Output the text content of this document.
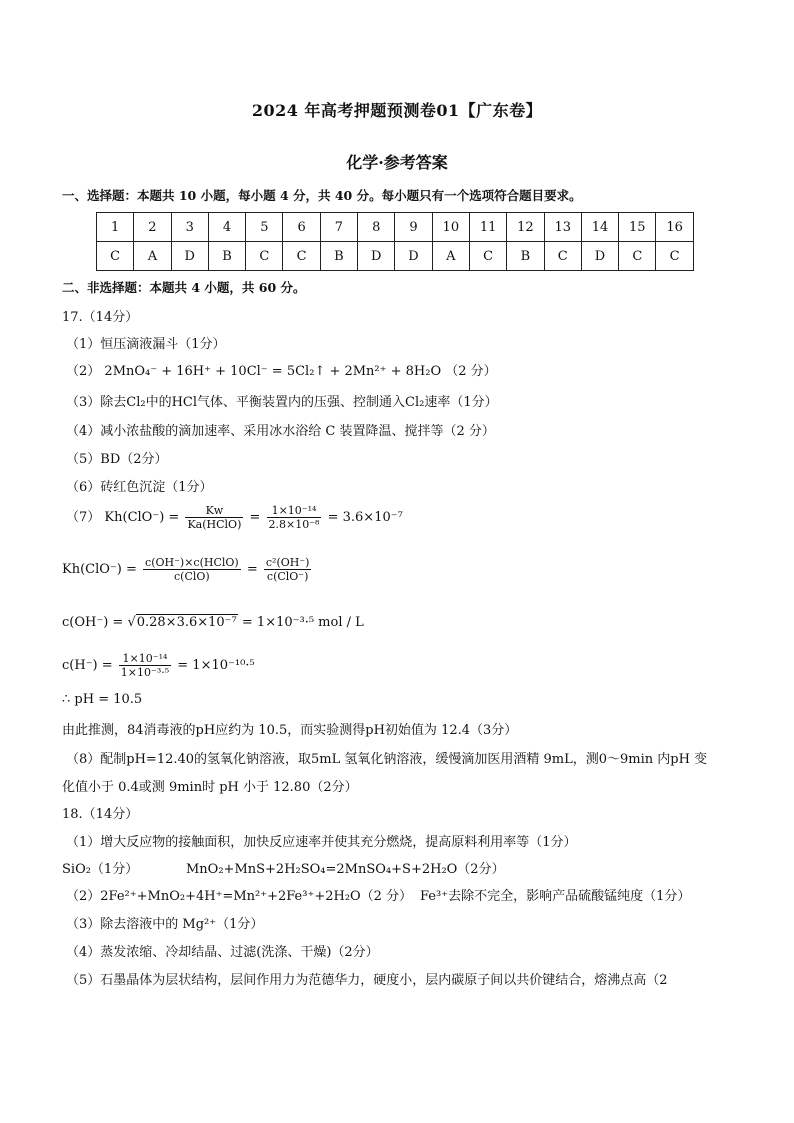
2024 年高考押题预测卷01【广东卷】
化学·参考答案
一、选择题：本题共 10 小题，每小题 4 分，共 40 分。每小题只有一个选项符合题目要求。
1	2	3	4	5	6	7	8	9	10	11	12	13	14	15	16
C	A	D	B	C	C	B	D	D	A	C	B	C	D	C	C
二、非选择题：本题共 4 小题，共 60 分。
17.（14分）
（1）恒压滴液漏斗（1分）
（2） 2MnO₄⁻ + 16H⁺ + 10Cl⁻ = 5Cl₂↑ + 2Mn²⁺ + 8H₂O （2 分）
（3）除去Cl₂中的HCl气体、平衡装置内的压强、控制通入Cl₂速率（1分）
（4）减小浓盐酸的滴加速率、采用冰水浴给 C 装置降温、搅拌等（2 分）
（5）BD（2分）
（6）砖红色沉淀（1分）
（7） $Kh(ClO^-) = \frac{Kw}{\text{Ka(HClO)}} = \frac{\text{1×10⁻¹⁴}}{\text{2.8×10⁻⁸}} = 3.6\times 10^{-7}$
$Kh(ClO^-) = \frac{\text{c(OH⁻)×c(HClO)}}{\text{c(ClO)}} = \frac{\text{c²(OH⁻)}}{\text{c(ClO⁻)}}$
c(OH⁻) = √0.28×3.6×10⁻⁷ = 1×10⁻³·⁵ mol / L
$c(H^-) = \frac{\text{1×10⁻¹⁴}}{\text{1×10⁻³·⁵}} = 1\times 10^{-10}\cdot^5$
∴ pH = 10.5
由此推测，84消毒液的pH应约为 10.5，而实验测得pH初始值为 12.4（3分）
（8）配制pH=12.40的氢氧化钠溶液，取5mL 氢氧化钠溶液，缓慢滴加医用酒精 9mL，测0～9min 内pH 变
化值小于 0.4或测 9min时 pH 小于 12.80（2分）
18.（14分）
（1）增大反应物的接触面积，加快反应速率并使其充分燃烧，提高原料利用率等（1分）
SiO₂（1分）	MnO₂+MnS+2H₂SO₄=2MnSO₄+S+2H₂O（2分）
（2）2Fe²⁺+MnO₂+4H⁺=Mn²⁺+2Fe³⁺+2H₂O（2 分） Fe³⁺去除不完全，影响产品硫酸锰纯度（1分）
（3）除去溶液中的 Mg²⁺（1分）
（4）蒸发浓缩、冷却结晶、过滤(洗涤、干燥)（2分）
（5）石墨晶体为层状结构，层间作用力为范德华力，硬度小，层内碳原子间以共价键结合，熔沸点高（2
